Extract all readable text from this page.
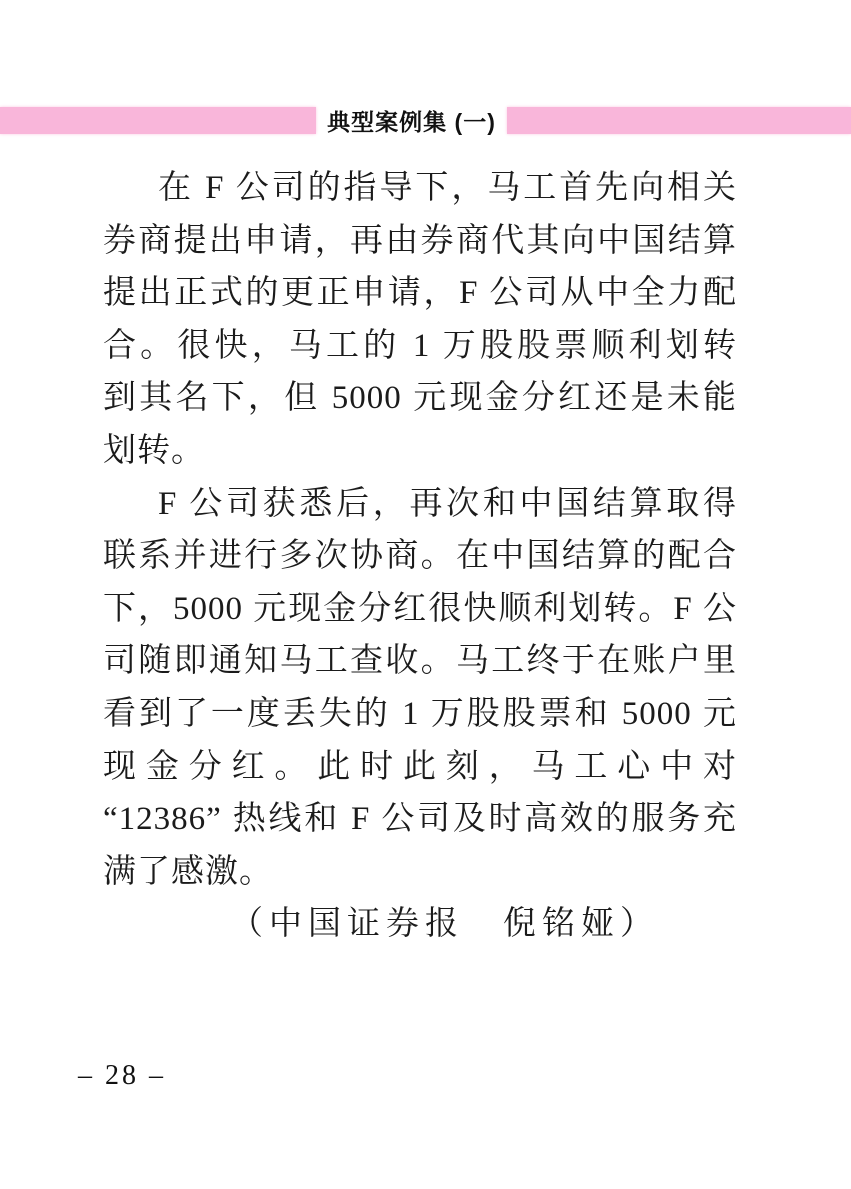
典型案例集 (一)
在 F 公司的指导下，马工首先向相关
券商提出申请，再由券商代其向中国结算
提出正式的更正申请，F 公司从中全力配
合。很快，马工的 1 万股股票顺利划转
到其名下，但 5000 元现金分红还是未能
划转。
F 公司获悉后，再次和中国结算取得
联系并进行多次协商。在中国结算的配合
下，5000 元现金分红很快顺利划转。F 公
司随即通知马工查收。马工终于在账户里
看到了一度丢失的 1 万股股票和 5000 元
现金分红。此时此刻，马工心中对
“12386” 热线和 F 公司及时高效的服务充
满了感激。
（中国证券报　倪铭娅）
– 28 –
